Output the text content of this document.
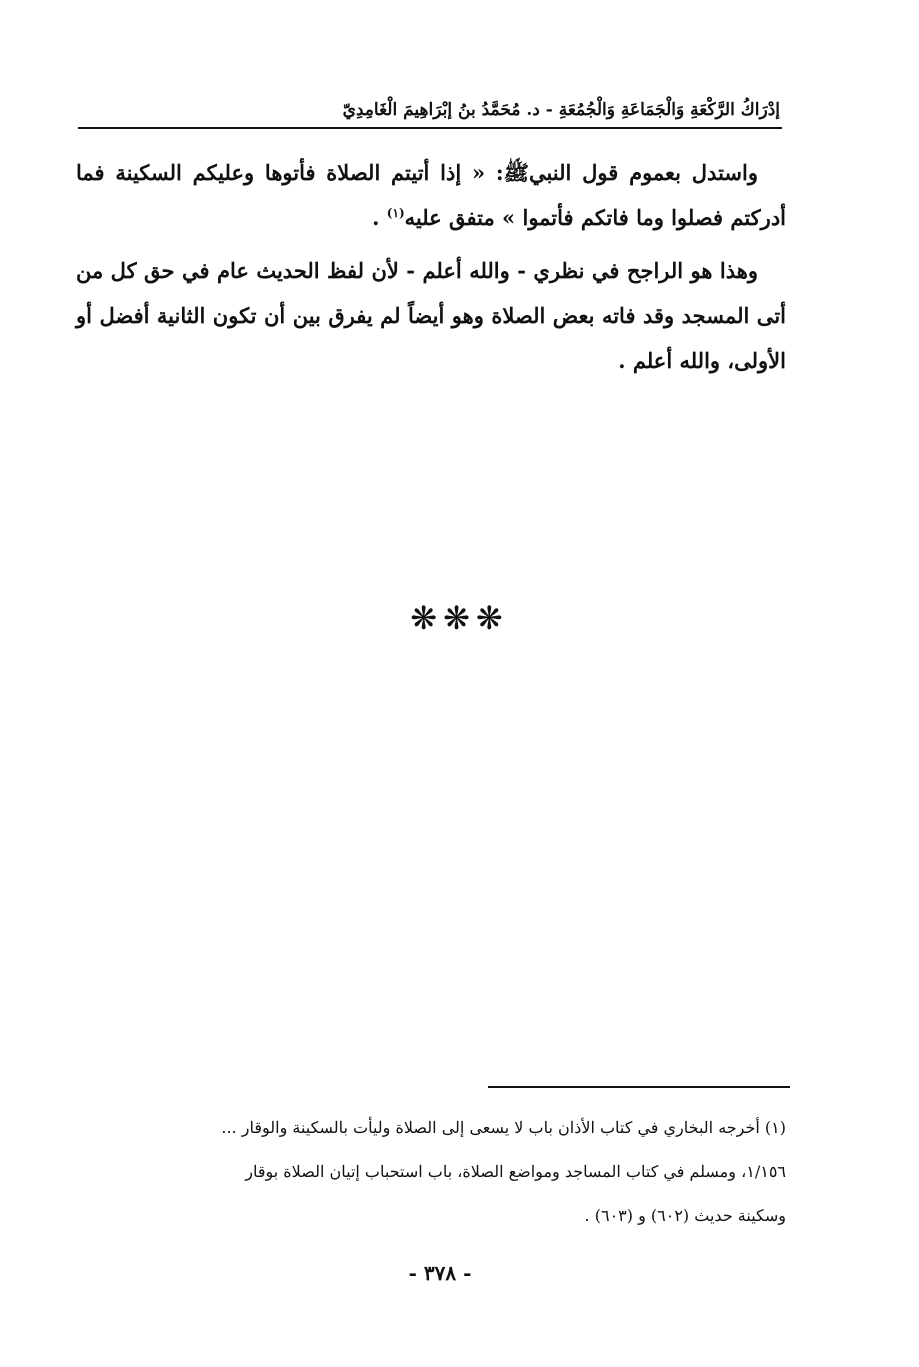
إدْرَاكُ الرَّكْعَةِ وَالْجَمَاعَةِ وَالْجُمُعَةِ - د. مُحَمَّدُ بنُ إبْرَاهِيمَ الْغَامِدِيّ

واستدل بعموم قول النبيﷺ: « إذا أتيتم الصلاة فأتوها وعليكم السكينة فما أدركتم فصلوا وما فاتكم فأتموا » متفق عليه$^{(١)}$ .

وهذا هو الراجح في نظري - والله أعلم - لأن لفظ الحديث عام في حق كل من أتى المسجد وقد فاته بعض الصلاة وهو أيضاً لم يفرق بين أن تكون الثانية أفضل أو الأولى، والله أعلم .

❋❋❋

(١) أخرجه البخاري في كتاب الأذان باب لا يسعى إلى الصلاة وليأت بالسكينة والوقار ...

١/١٥٦، ومسلم في كتاب المساجد ومواضع الصلاة، باب استحباب إتيان الصلاة بوقار

وسكينة حديث (٦٠٢) و (٦٠٣) .

- ٣٧٨ -
